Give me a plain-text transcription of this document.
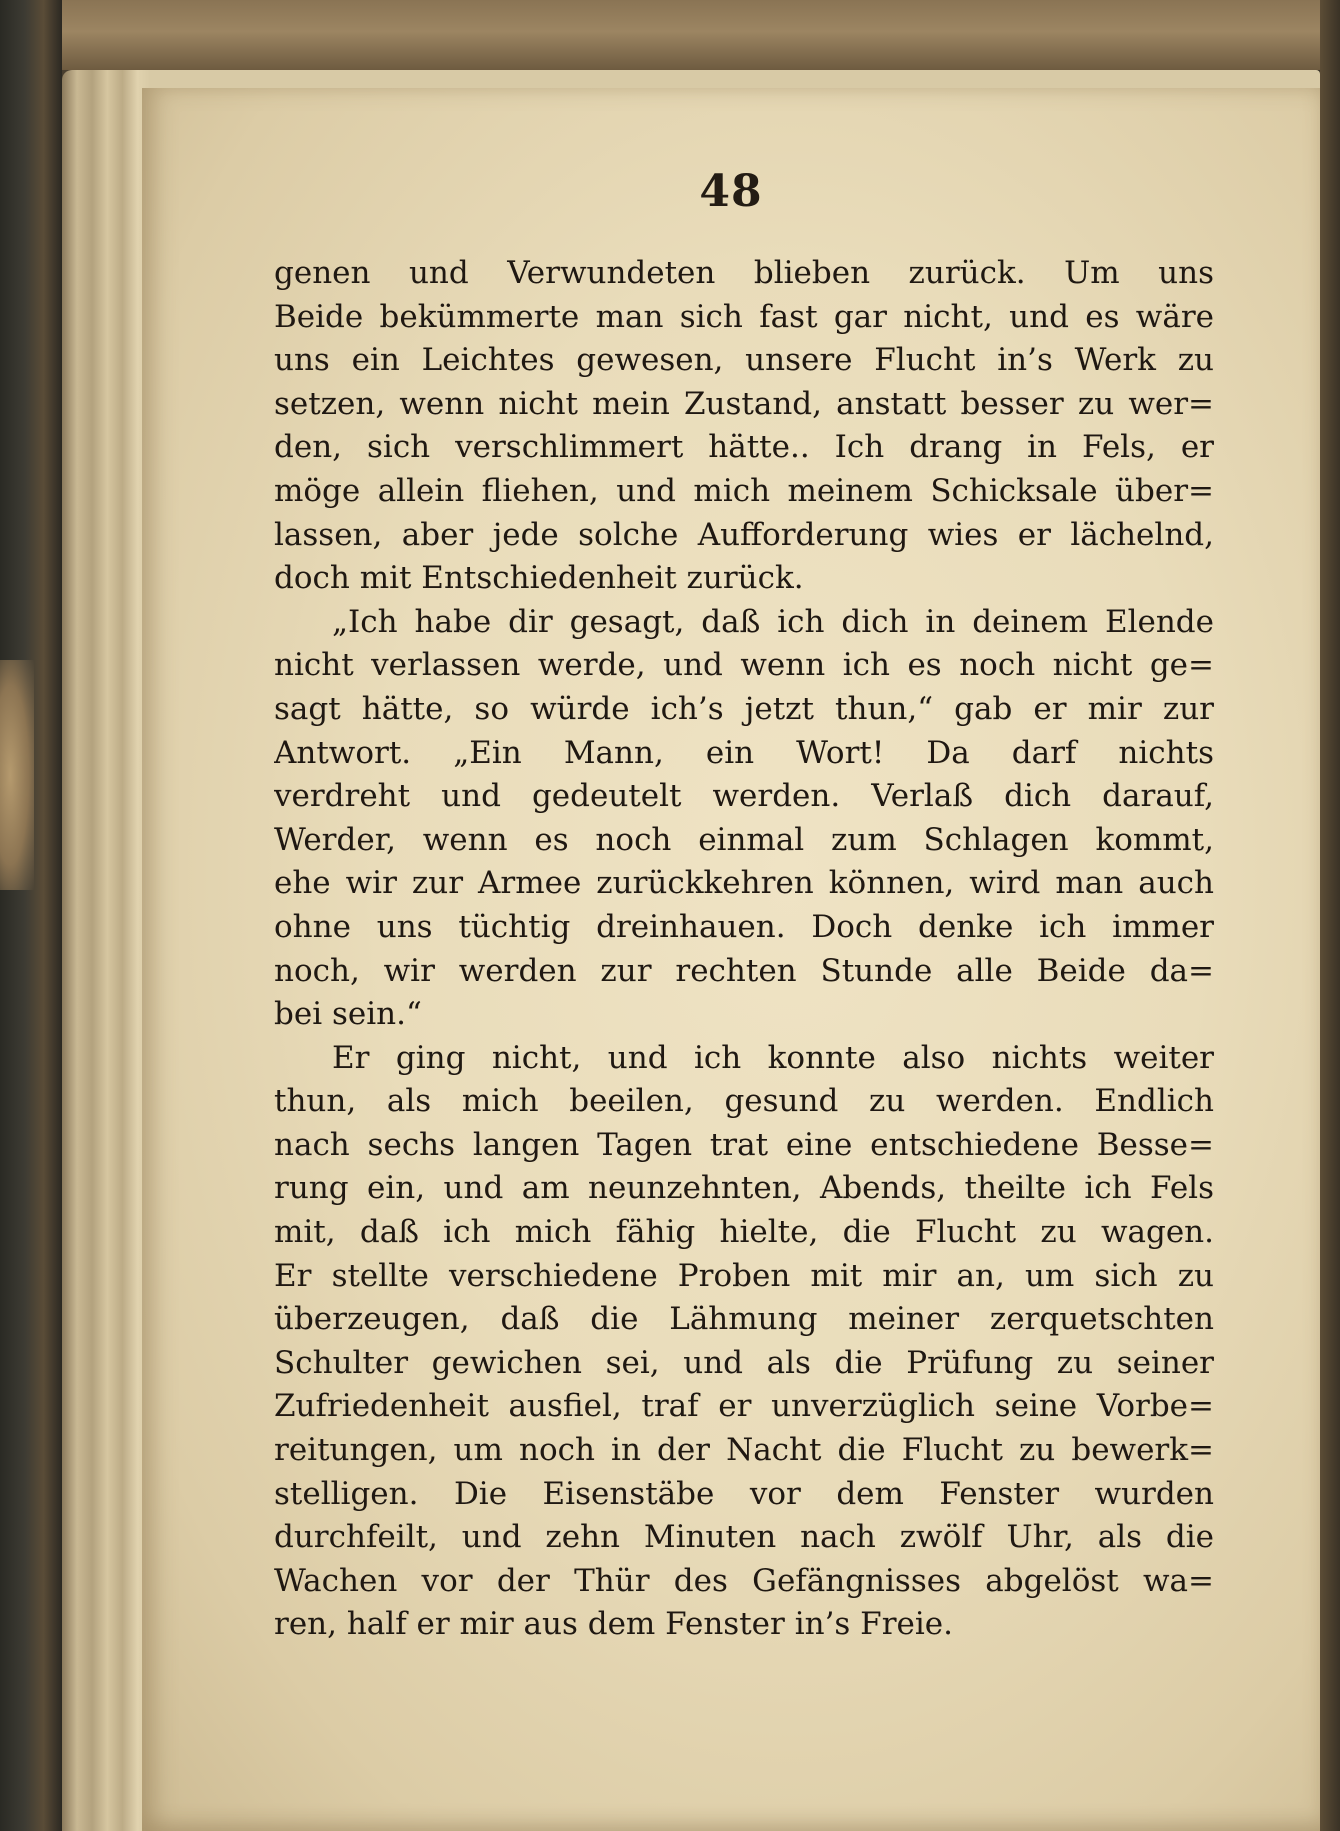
48
genen und Verwundeten blieben zurück. Um uns
Beide bekümmerte man sich fast gar nicht, und es wäre
uns ein Leichtes gewesen, unsere Flucht in’s Werk zu
setzen, wenn nicht mein Zustand, anstatt besser zu wer=
den, sich verschlimmert hätte.. Ich drang in Fels, er
möge allein fliehen, und mich meinem Schicksale über=
lassen, aber jede solche Aufforderung wies er lächelnd,
doch mit Entschiedenheit zurück.
„Ich habe dir gesagt, daß ich dich in deinem Elende
nicht verlassen werde, und wenn ich es noch nicht ge=
sagt hätte, so würde ich’s jetzt thun,“ gab er mir zur
Antwort. „Ein Mann, ein Wort! Da darf nichts
verdreht und gedeutelt werden. Verlaß dich darauf,
Werder, wenn es noch einmal zum Schlagen kommt,
ehe wir zur Armee zurückkehren können, wird man auch
ohne uns tüchtig dreinhauen. Doch denke ich immer
noch, wir werden zur rechten Stunde alle Beide da=
bei sein.“
Er ging nicht, und ich konnte also nichts weiter
thun, als mich beeilen, gesund zu werden. Endlich
nach sechs langen Tagen trat eine entschiedene Besse=
rung ein, und am neunzehnten, Abends, theilte ich Fels
mit, daß ich mich fähig hielte, die Flucht zu wagen.
Er stellte verschiedene Proben mit mir an, um sich zu
überzeugen, daß die Lähmung meiner zerquetschten
Schulter gewichen sei, und als die Prüfung zu seiner
Zufriedenheit ausfiel, traf er unverzüglich seine Vorbe=
reitungen, um noch in der Nacht die Flucht zu bewerk=
stelligen. Die Eisenstäbe vor dem Fenster wurden
durchfeilt, und zehn Minuten nach zwölf Uhr, als die
Wachen vor der Thür des Gefängnisses abgelöst wa=
ren, half er mir aus dem Fenster in’s Freie.
